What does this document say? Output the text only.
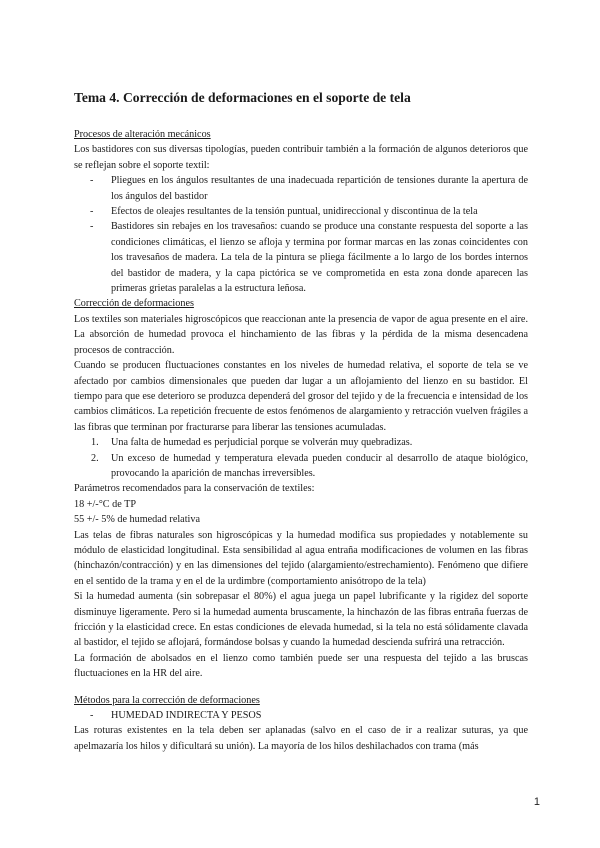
Tema 4. Corrección de deformaciones en el soporte de tela

Procesos de alteración mecánicos

Los bastidores con sus diversas tipologías, pueden contribuir también a la formación de algunos deterioros que se reflejan sobre el soporte textil:

- Pliegues en los ángulos resultantes de una inadecuada repartición de tensiones durante la apertura de los ángulos del bastidor
- Efectos de oleajes resultantes de la tensión puntual, unidireccional y discontinua de la tela
- Bastidores sin rebajes en los travesaños: cuando se produce una constante respuesta del soporte a las condiciones climáticas, el lienzo se afloja y termina por formar marcas en las zonas coincidentes con los travesaños de madera. La tela de la pintura se pliega fácilmente a lo largo de los bordes internos del bastidor de madera, y la capa pictórica se ve comprometida en esta zona donde aparecen las primeras grietas paralelas a la estructura leñosa.

Corrección de deformaciones

Los textiles son materiales higroscópicos que reaccionan ante la presencia de vapor de agua presente en el aire. La absorción de humedad provoca el hinchamiento de las fibras y la pérdida de la misma desencadena procesos de contracción.

Cuando se producen fluctuaciones constantes en los niveles de humedad relativa, el soporte de tela se ve afectado por cambios dimensionales que pueden dar lugar a un aflojamiento del lienzo en su bastidor. El tiempo para que ese deterioro se produzca dependerá del grosor del tejido y de la frecuencia e intensidad de los cambios climáticos. La repetición frecuente de estos fenómenos de alargamiento y retracción vuelven frágiles a las fibras que terminan por fracturarse para liberar las tensiones acumuladas.

Una falta de humedad es perjudicial porque se volverán muy quebradizas.
Un exceso de humedad y temperatura elevada pueden conducir al desarrollo de ataque biológico, provocando la aparición de manchas irreversibles.

Parámetros recomendados para la conservación de textiles:

18 +/-°C de TP

55 +/- 5% de humedad relativa

Las telas de fibras naturales son higroscópicas y la humedad modifica sus propiedades y notablemente su módulo de elasticidad longitudinal. Esta sensibilidad al agua entraña modificaciones de volumen en las fibras (hinchazón/contracción) y en las dimensiones del tejido (alargamiento/estrechamiento). Fenómeno que difiere en el sentido de la trama y en el de la urdimbre (comportamiento anisótropo de la tela)

Si la humedad aumenta (sin sobrepasar el 80%) el agua juega un papel lubrificante y la rigidez del soporte disminuye ligeramente. Pero si la humedad aumenta bruscamente, la hinchazón de las fibras entraña fuerzas de fricción y la elasticidad crece. En estas condiciones de elevada humedad, si la tela no está sólidamente clavada al bastidor, el tejido se aflojará, formándose bolsas y cuando la humedad descienda sufrirá una retracción.

La formación de abolsados en el lienzo como también puede ser una respuesta del tejido a las bruscas fluctuaciones en la HR del aire.

Métodos para la corrección de deformaciones

- HUMEDAD INDIRECTA Y PESOS

Las roturas existentes en la tela deben ser aplanadas (salvo en el caso de ir a realizar suturas, ya que apelmazaría los hilos y dificultará su unión). La mayoría de los hilos deshilachados con trama (más

1
